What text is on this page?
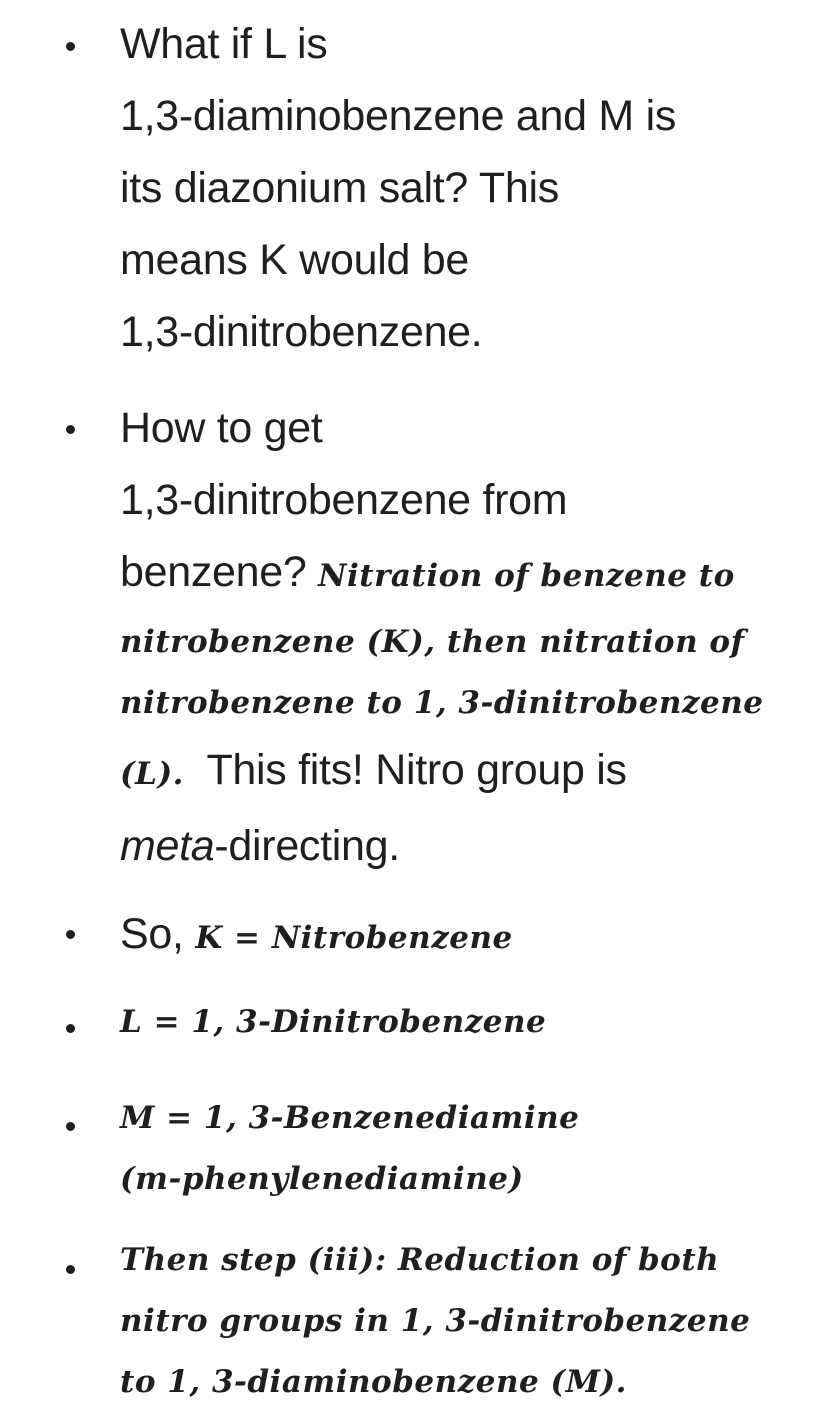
What if L is
1,3-diaminobenzene and M is
its diazonium salt? This
means K would be
1,3-dinitrobenzene.

How to get
1,3-dinitrobenzene from
benzene? Nitration of benzene to
nitrobenzene (K), then nitration of
nitrobenzene to 1, 3-dinitrobenzene
(L). This fits! Nitro group is
meta-directing.

So, K = Nitrobenzene

L = 1, 3-Dinitrobenzene

M = 1, 3-Benzenediamine
(m-phenylenediamine)

Then step (iii): Reduction of both
nitro groups in 1, 3-dinitrobenzene
to 1, 3-diaminobenzene (M).
